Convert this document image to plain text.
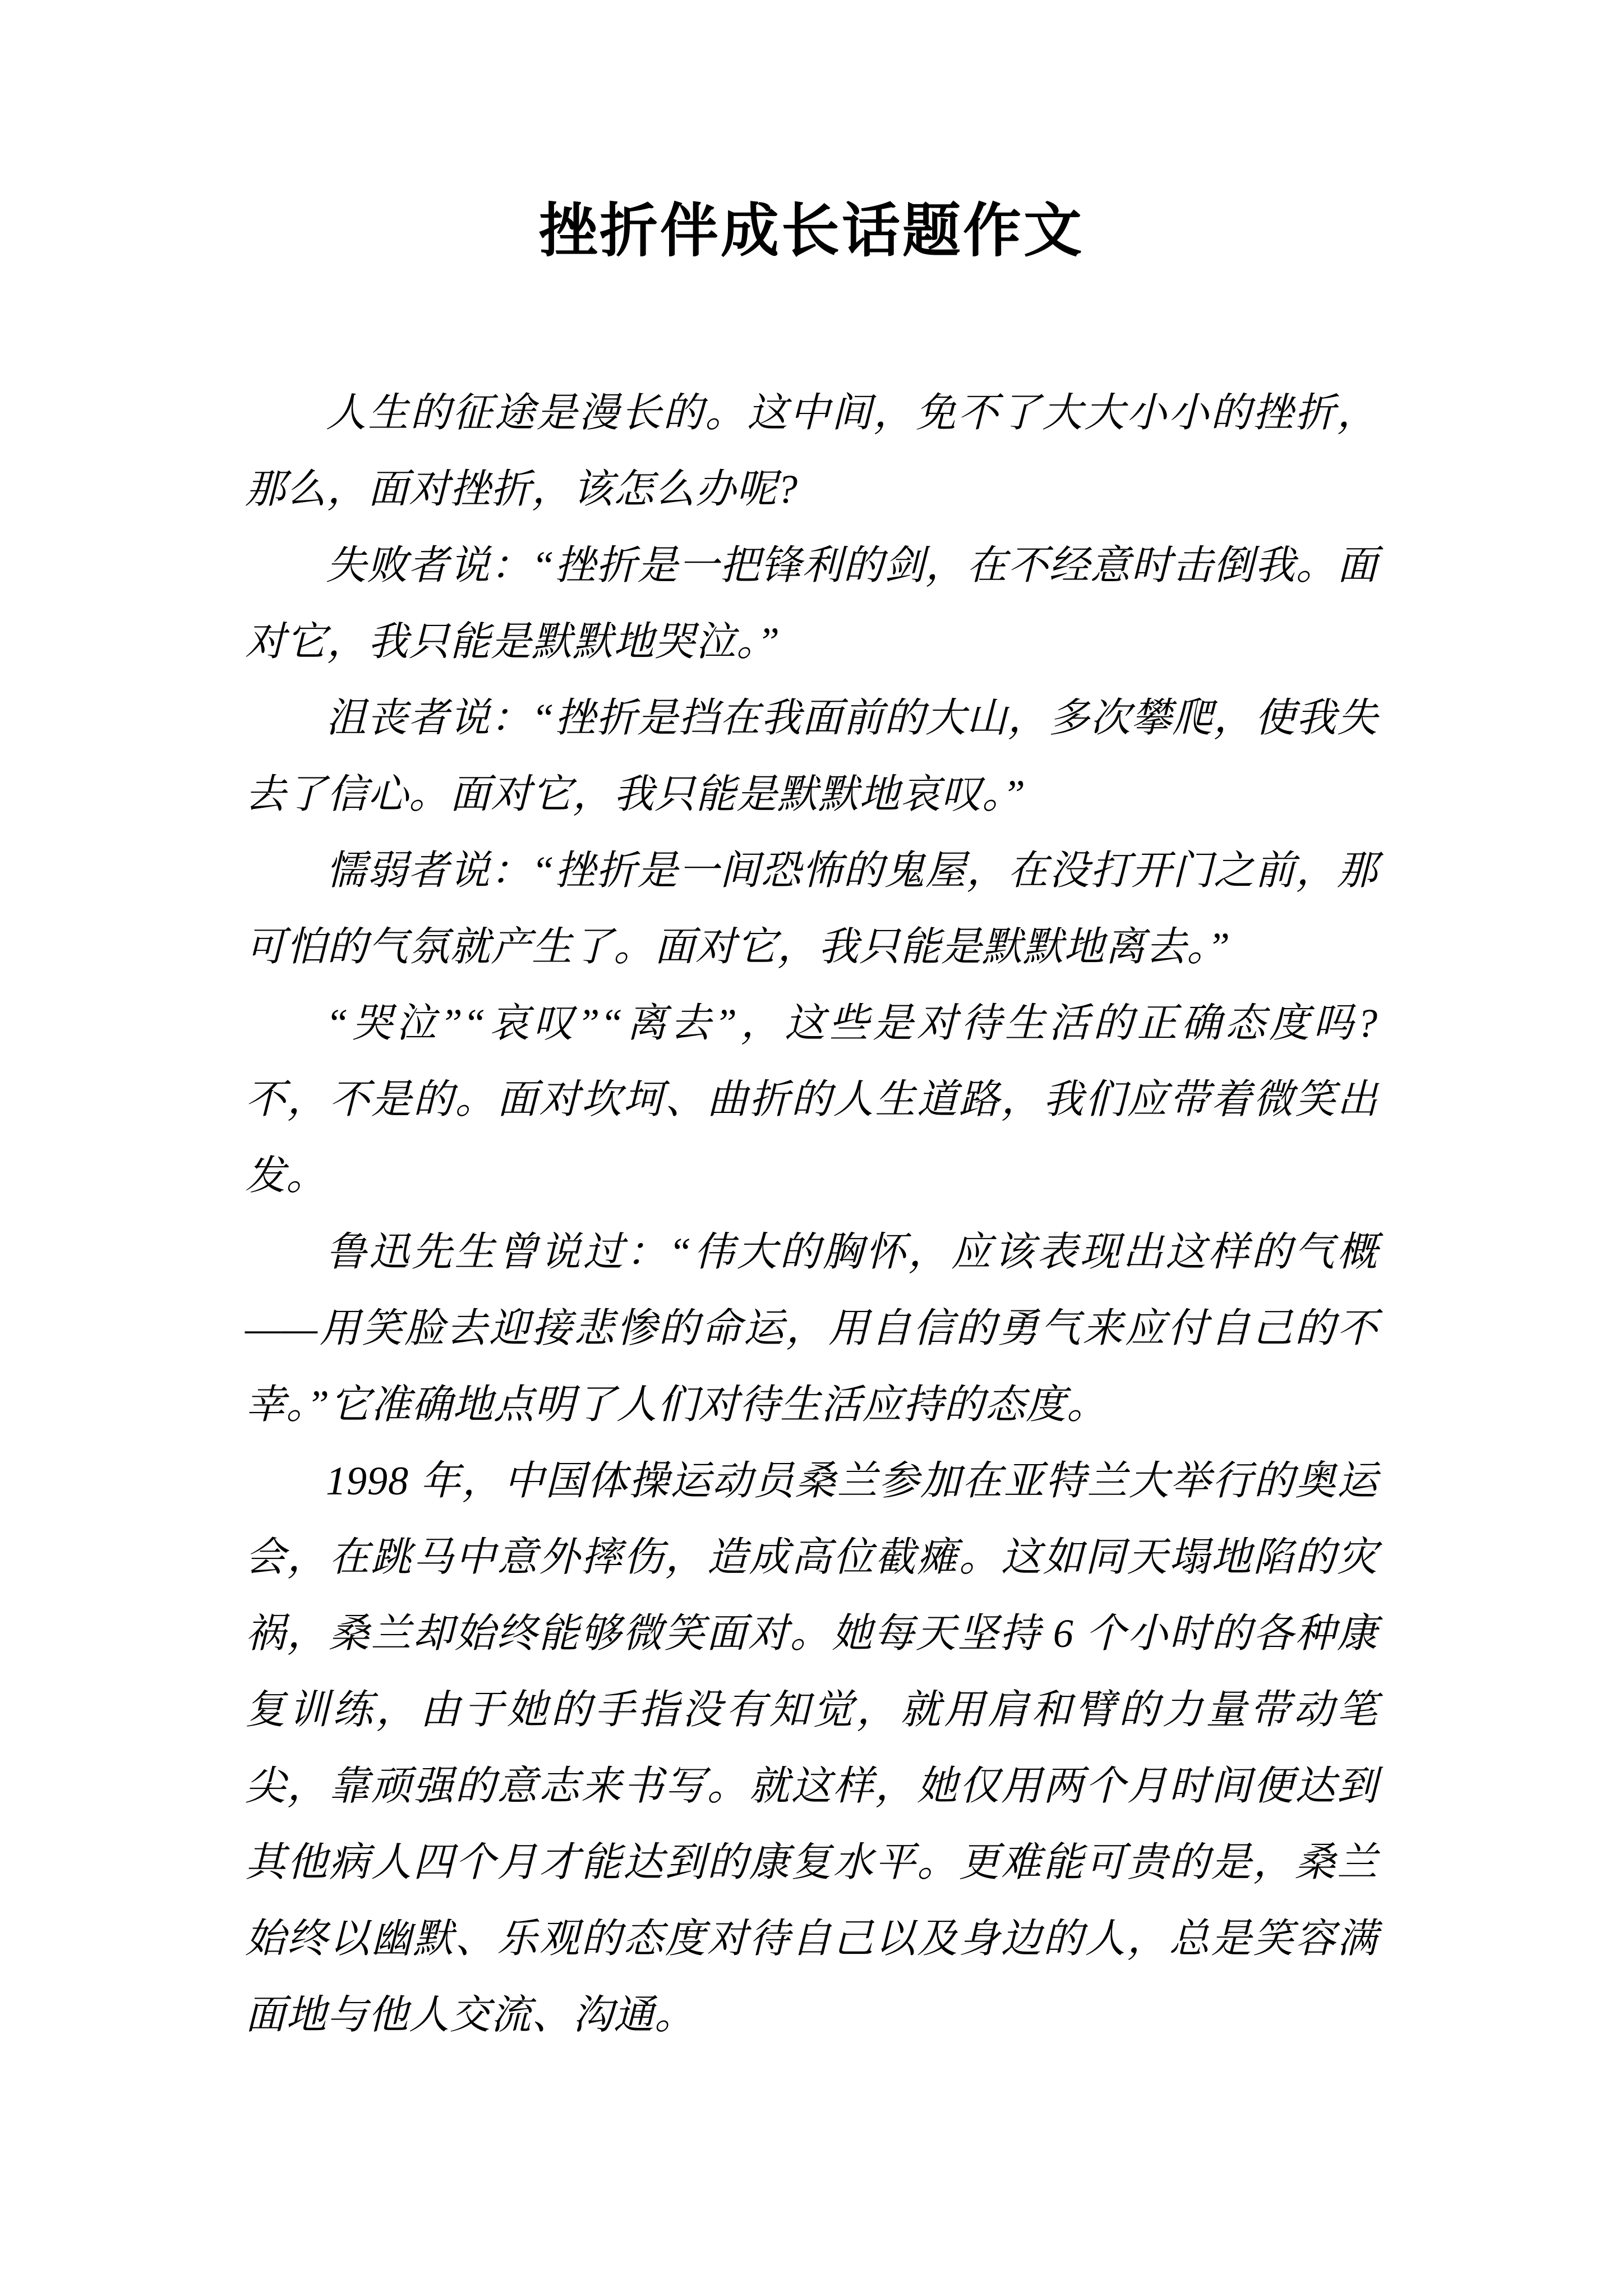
挫折伴成长话题作文

人生的征途是漫长的。这中间，免不了大大小小的挫折，那么，面对挫折，该怎么办呢?

失败者说：“挫折是一把锋利的剑，在不经意时击倒我。面对它，我只能是默默地哭泣。”

沮丧者说：“挫折是挡在我面前的大山，多次攀爬，使我失去了信心。面对它，我只能是默默地哀叹。”

懦弱者说：“挫折是一间恐怖的鬼屋，在没打开门之前，那可怕的气氛就产生了。面对它，我只能是默默地离去。”

“哭泣”“哀叹”“离去”，这些是对待生活的正确态度吗?不，不是的。面对坎坷、曲折的人生道路，我们应带着微笑出发。

鲁迅先生曾说过：“伟大的胸怀，应该表现出这样的气概——用笑脸去迎接悲惨的命运，用自信的勇气来应付自己的不幸。”它准确地点明了人们对待生活应持的态度。

1998 年，中国体操运动员桑兰参加在亚特兰大举行的奥运会，在跳马中意外摔伤，造成高位截瘫。这如同天塌地陷的灾祸，桑兰却始终能够微笑面对。她每天坚持 6 个小时的各种康复训练，由于她的手指没有知觉，就用肩和臂的力量带动笔尖，靠顽强的意志来书写。就这样，她仅用两个月时间便达到其他病人四个月才能达到的康复水平。更难能可贵的是，桑兰始终以幽默、乐观的态度对待自己以及身边的人，总是笑容满面地与他人交流、沟通。
